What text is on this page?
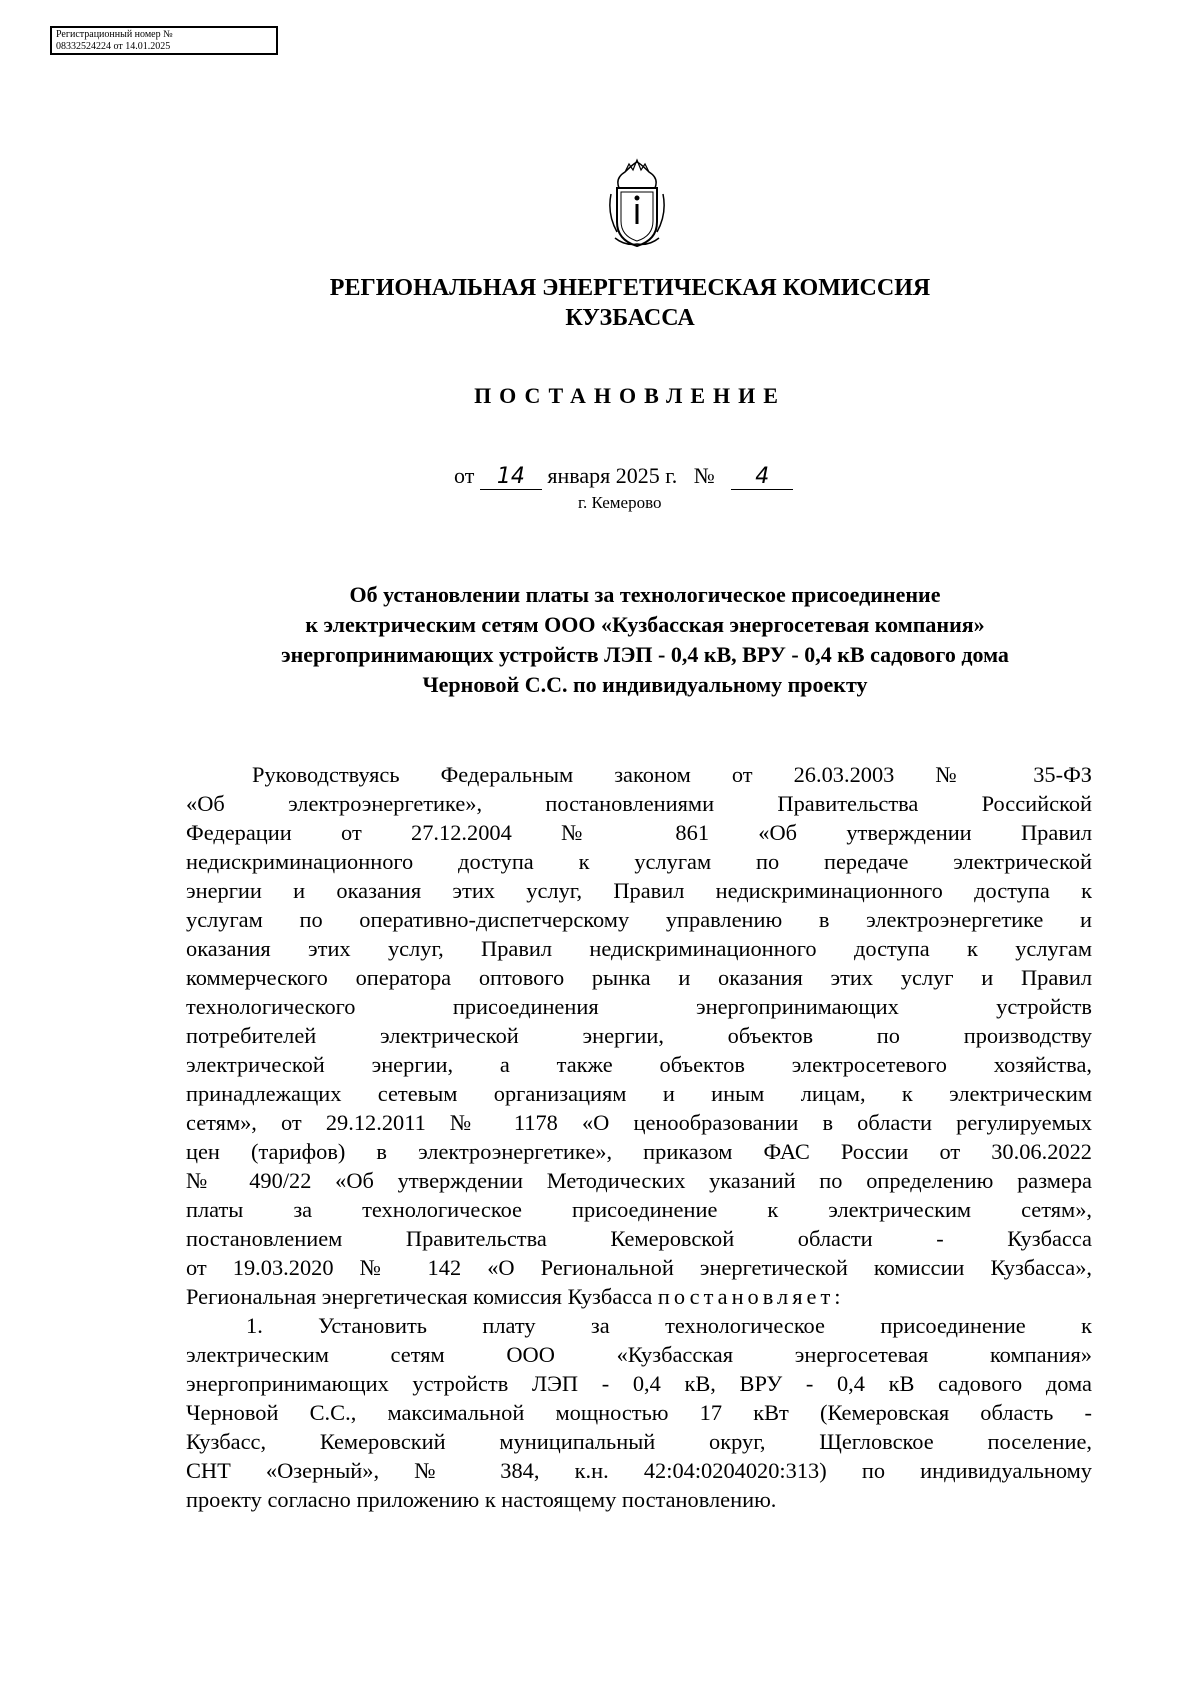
Регистрационный номер №
08332524224 от 14.01.2025
РЕГИОНАЛЬНАЯ ЭНЕРГЕТИЧЕСКАЯ КОМИССИЯ
КУЗБАССА
ПОСТАНОВЛЕНИЕ
от 14 января 2025 г. № 4
г. Кемерово
Об установлении платы за технологическое присоединение
к электрическим сетям ООО «Кузбасская энергосетевая компания»
энергопринимающих устройств ЛЭП - 0,4 кВ, ВРУ - 0,4 кВ садового дома
Черновой С.С. по индивидуальному проекту
Руководствуясь Федеральным законом от 26.03.2003 № 35-ФЗ
«Об электроэнергетике», постановлениями Правительства Российской
Федерации от 27.12.2004 № 861 «Об утверждении Правил
недискриминационного доступа к услугам по передаче электрической
энергии и оказания этих услуг, Правил недискриминационного доступа к
услугам по оперативно-диспетчерскому управлению в электроэнергетике и
оказания этих услуг, Правил недискриминационного доступа к услугам
коммерческого оператора оптового рынка и оказания этих услуг и Правил
технологического присоединения энергопринимающих устройств
потребителей электрической энергии, объектов по производству
электрической энергии, а также объектов электросетевого хозяйства,
принадлежащих сетевым организациям и иным лицам, к электрическим
сетям», от 29.12.2011 № 1178 «О ценообразовании в области регулируемых
цен (тарифов) в электроэнергетике», приказом ФАС России от 30.06.2022
№ 490/22 «Об утверждении Методических указаний по определению размера
платы за технологическое присоединение к электрическим сетям»,
постановлением Правительства Кемеровской области - Кузбасса
от 19.03.2020 № 142 «О Региональной энергетической комиссии Кузбасса»,
Региональная энергетическая комиссия Кузбасса постановляет:
1. Установить плату за технологическое присоединение к
электрическим сетям ООО «Кузбасская энергосетевая компания»
энергопринимающих устройств ЛЭП - 0,4 кВ, ВРУ - 0,4 кВ садового дома
Черновой С.С., максимальной мощностью 17 кВт (Кемеровская область -
Кузбасс, Кемеровский муниципальный округ, Щегловское поселение,
СНТ «Озерный», № 384, к.н. 42:04:0204020:313) по индивидуальному
проекту согласно приложению к настоящему постановлению.
